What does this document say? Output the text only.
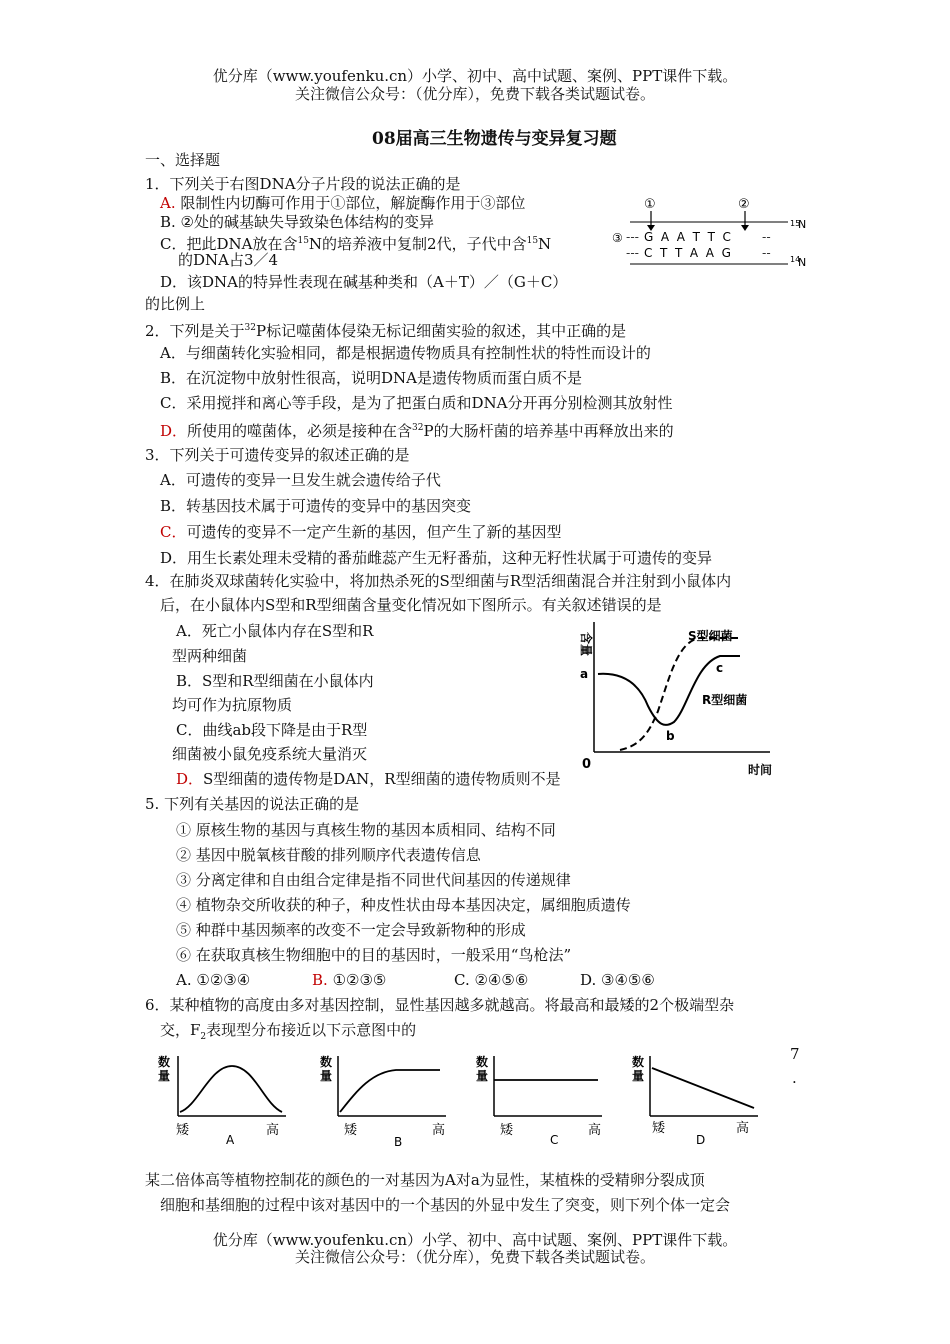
优分库（www.youfenku.cn）小学、初中、高中试题、案例、PPT课件下载。
关注微信公众号：（优分库），免费下载各类试题试卷。
08届高三生物遗传与变异复习题
一、选择题
1．下列关于右图DNA分子片段的说法正确的是
A. 限制性内切酶可作用于①部位，解旋酶作用于③部位
B. ②处的碱基缺失导致染色体结构的变异
C．把此DNA放在含$^{15}$N的培养液中复制2代，子代中含$^{15}$N
的DNA占3／4
D．该DNA的特异性表现在碱基种类和（A＋T）／（G＋C）
的比例上
①	②
15
N
③ --- G  A  A  T  T  C	--
--- C  T  T  A  A  G	-- 14
N
2．下列是关于$^{32}$P标记噬菌体侵染无标记细菌实验的叙述，其中正确的是
A．与细菌转化实验相同，都是根据遗传物质具有控制性状的特性而设计的
B．在沉淀物中放射性很高，说明DNA是遗传物质而蛋白质不是
C．采用搅拌和离心等手段，是为了把蛋白质和DNA分开再分别检测其放射性
D．所使用的噬菌体，必须是接种在含$^{32}$P的大肠杆菌的培养基中再释放出来的
3．下列关于可遗传变异的叙述正确的是
A．可遗传的变异一旦发生就会遗传给子代
B．转基因技术属于可遗传的变异中的基因突变
C．可遗传的变异不一定产生新的基因，但产生了新的基因型
D．用生长素处理未受精的番茄雌蕊产生无籽番茄，这种无籽性状属于可遗传的变异
4．在肺炎双球菌转化实验中，将加热杀死的S型细菌与R型活细菌混合并注射到小鼠体内
后，在小鼠体内S型和R型细菌含量变化情况如下图所示。有关叙述错误的是
A．死亡小鼠体内存在S型和R
型两种细菌
B．S型和R型细菌在小鼠体内
均可作为抗原物质
C．曲线ab段下降是由于R型
细菌被小鼠免疫系统大量消灭
D．S型细菌的遗传物是DAN，R型细菌的遗传物质则不是
含量
0	时间
a
b
c
S型细菌
R型细菌
5. 下列有关基因的说法正确的是
① 原核生物的基因与真核生物的基因本质相同、结构不同
② 基因中脱氧核苷酸的排列顺序代表遗传信息
③ 分离定律和自由组合定律是指不同世代间基因的传递规律
④ 植物杂交所收获的种子，种皮性状由母本基因决定，属细胞质遗传
⑤ 种群中基因频率的改变不一定会导致新物种的形成
⑥ 在获取真核生物细胞中的目的基因时，一般采用“鸟枪法”
A. ①②③④	B. ①②③⑤	C. ②④⑤⑥	D. ③④⑤⑥
6．某种植物的高度由多对基因控制，显性基因越多就越高。将最高和最矮的2个极端型杂
交，$F_2$表现型分布接近以下示意图中的
数
量
矮
A
高
数
量
矮
B
高
数
量
矮
C
高
数
量
矮
D
高
7
.
某二倍体高等植物控制花的颜色的一对基因为A对a为显性，某植株的受精卵分裂成顶
细胞和基细胞的过程中该对基因中的一个基因的外显中发生了突变，则下列个体一定会
优分库（www.youfenku.cn）小学、初中、高中试题、案例、PPT课件下载。
关注微信公众号：（优分库），免费下载各类试题试卷。
